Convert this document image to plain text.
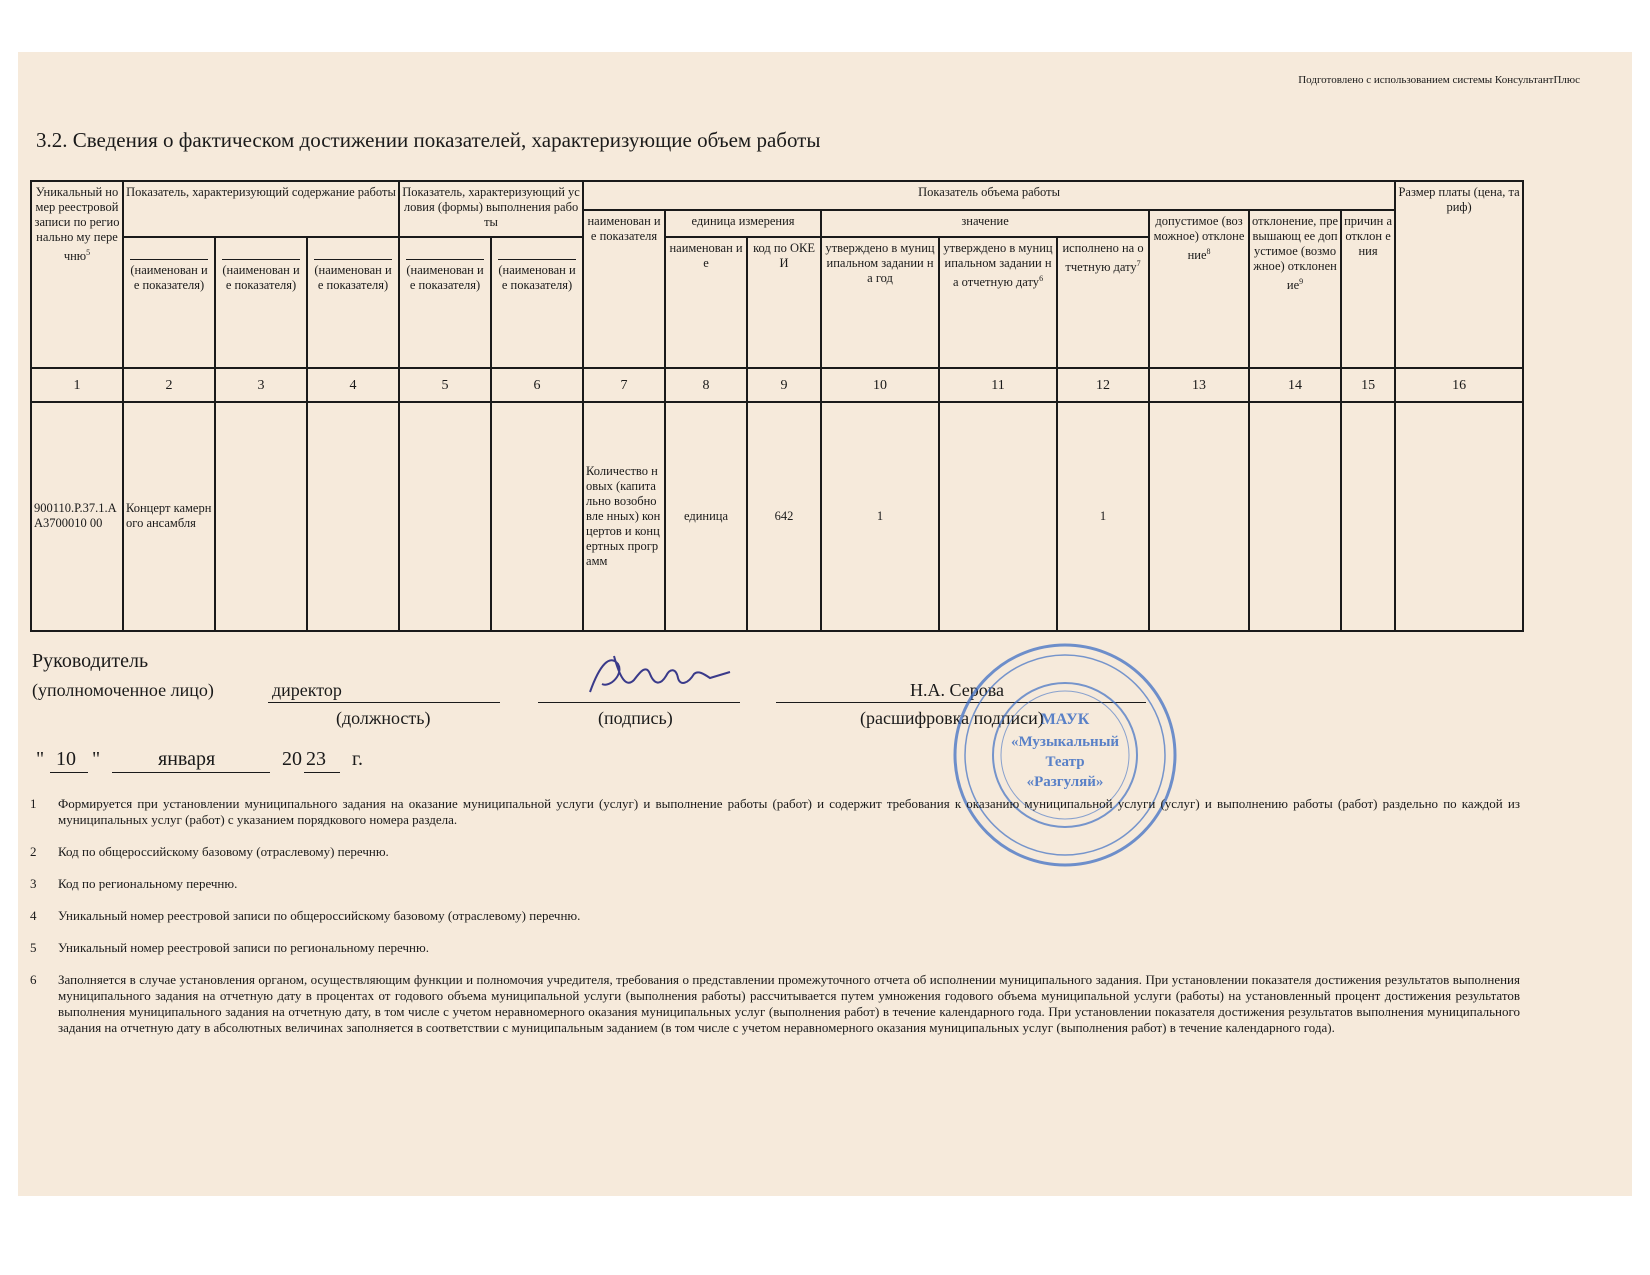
Подготовлено с использованием системы КонсультантПлюс
3.2. Сведения о фактическом достижении показателей, характеризующие объем работы
Уникальный номер реестровой записи по регионально му перечню$^5$	Показатель, характеризующий содержание работы			Показатель, характеризующий условия (формы) выполнения работы		Показатель объема работы									Размер платы (цена, тариф)
						наименован ие показателя	единица измерения		значение			допустимое (возможное) отклонение$^8$	отклонение, превышающ ее допустимое (возможное) отклонение$^9$	причин а отклон ения	

	(наименован ие показателя)	(наименован ие показателя)	(наименован ие показателя)	(наименован ие показателя)	(наименован ие показателя)		наименован ие	код по ОКЕИ	утверждено в муниципальном задании на год	утверждено в муниципальном задании на отчетную дату$^6$	исполнено на отчетную дату$^7$
1	2	3	4	5	6	7	8	9	10	11	12	13	14	15	16
900110.Р.37.1.АА3700010 00	Концерт камерного ансамбля					Количество новых (капитально возобновле нных) концертов и концертных программ	единица	642	1		1				
Руководитель
(уполномоченное лицо)	директор
(должность)	(подпись)
Н.А. Серова
(расшифровка подписи)
" 10 "	января	20 23 г.
МАУК
«Музыкальный
Театр
«Разгуляй»
1	Формируется при установлении муниципального задания на оказание муниципальной услуги (услуг) и выполнение работы (работ) и содержит требования к оказанию муниципальной услуги (услуг) и выполнению работы (работ) раздельно по каждой из муниципальных услуг (работ) с указанием порядкового номера раздела.
2	Код по общероссийскому базовому (отраслевому) перечню.
3	Код по региональному перечню.
4	Уникальный номер реестровой записи по общероссийскому базовому (отраслевому) перечню.
5	Уникальный номер реестровой записи по региональному перечню.
6	Заполняется в случае установления органом, осуществляющим функции и полномочия учредителя, требования о представлении промежуточного отчета об исполнении муниципального задания. При установлении показателя достижения результатов выполнения муниципального задания на отчетную дату в процентах от годового объема муниципальной услуги (выполнения работы) рассчитывается путем умножения годового объема муниципальной услуги (работы) на установленный процент достижения результатов выполнения муниципального задания на отчетную дату, в том числе с учетом неравномерного оказания муниципальных услуг (выполнения работ) в течение календарного года. При установлении показателя достижения результатов выполнения муниципального задания на отчетную дату в абсолютных величинах заполняется в соответствии с муниципальным заданием (в том числе с учетом неравномерного оказания муниципальных услуг (выполнения работ) в течение календарного года).
